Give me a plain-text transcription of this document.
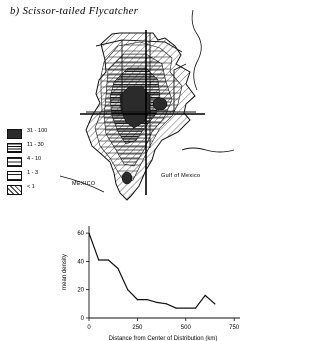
b) Scissor-tailed Flycatcher
MEXICO
Gulf of Mexico
0
20
40
60
0	250	500	750
mean density
Distance from Center of Distribution (km)
31 - 100
11 - 30
4 - 10
1 - 3
< 1
